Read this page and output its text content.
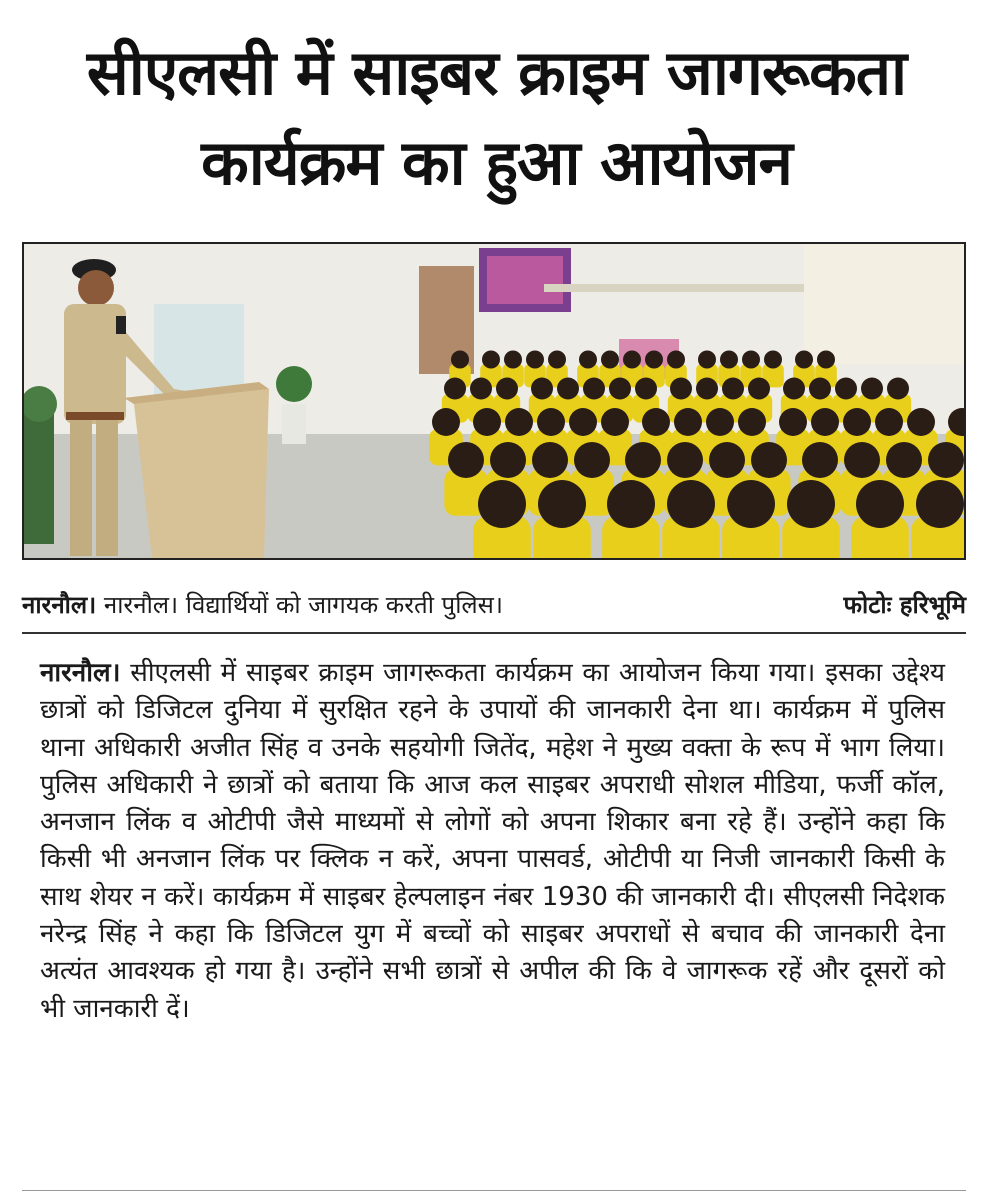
सीएलसी में साइबर क्राइम जागरूकता
कार्यक्रम का हुआ आयोजन
नारनौल। नारनौल। विद्यार्थियों को जागयक करती पुलिस।	फोटोः हरिभूमि
नारनौल। सीएलसी में साइबर क्राइम जागरूकता कार्यक्रम का आयोजन किया गया। इसका उद्देश्य छात्रों को डिजिटल दुनिया में सुरक्षित रहने के उपायों की जानकारी देना था। कार्यक्रम में पुलिस थाना अधिकारी अजीत सिंह व उनके सहयोगी जितेंद, महेश ने मुख्य वक्ता के रूप में भाग लिया। पुलिस अधिकारी ने छात्रों को बताया कि आज कल साइबर अपराधी सोशल मीडिया, फर्जी कॉल, अनजान लिंक व ओटीपी जैसे माध्यमों से लोगों को अपना शिकार बना रहे हैं। उन्होंने कहा कि किसी भी अनजान लिंक पर क्लिक न करें, अपना पासवर्ड, ओटीपी या निजी जानकारी किसी के साथ शेयर न करें। कार्यक्रम में साइबर हेल्पलाइन नंबर 1930 की जानकारी दी। सीएलसी निदेशक नरेन्द्र सिंह ने कहा कि डिजिटल युग में बच्चों को साइबर अपराधों से बचाव की जानकारी देना अत्यंत आवश्यक हो गया है। उन्होंने सभी छात्रों से अपील की कि वे जागरूक रहें और दूसरों को भी जानकारी दें।
